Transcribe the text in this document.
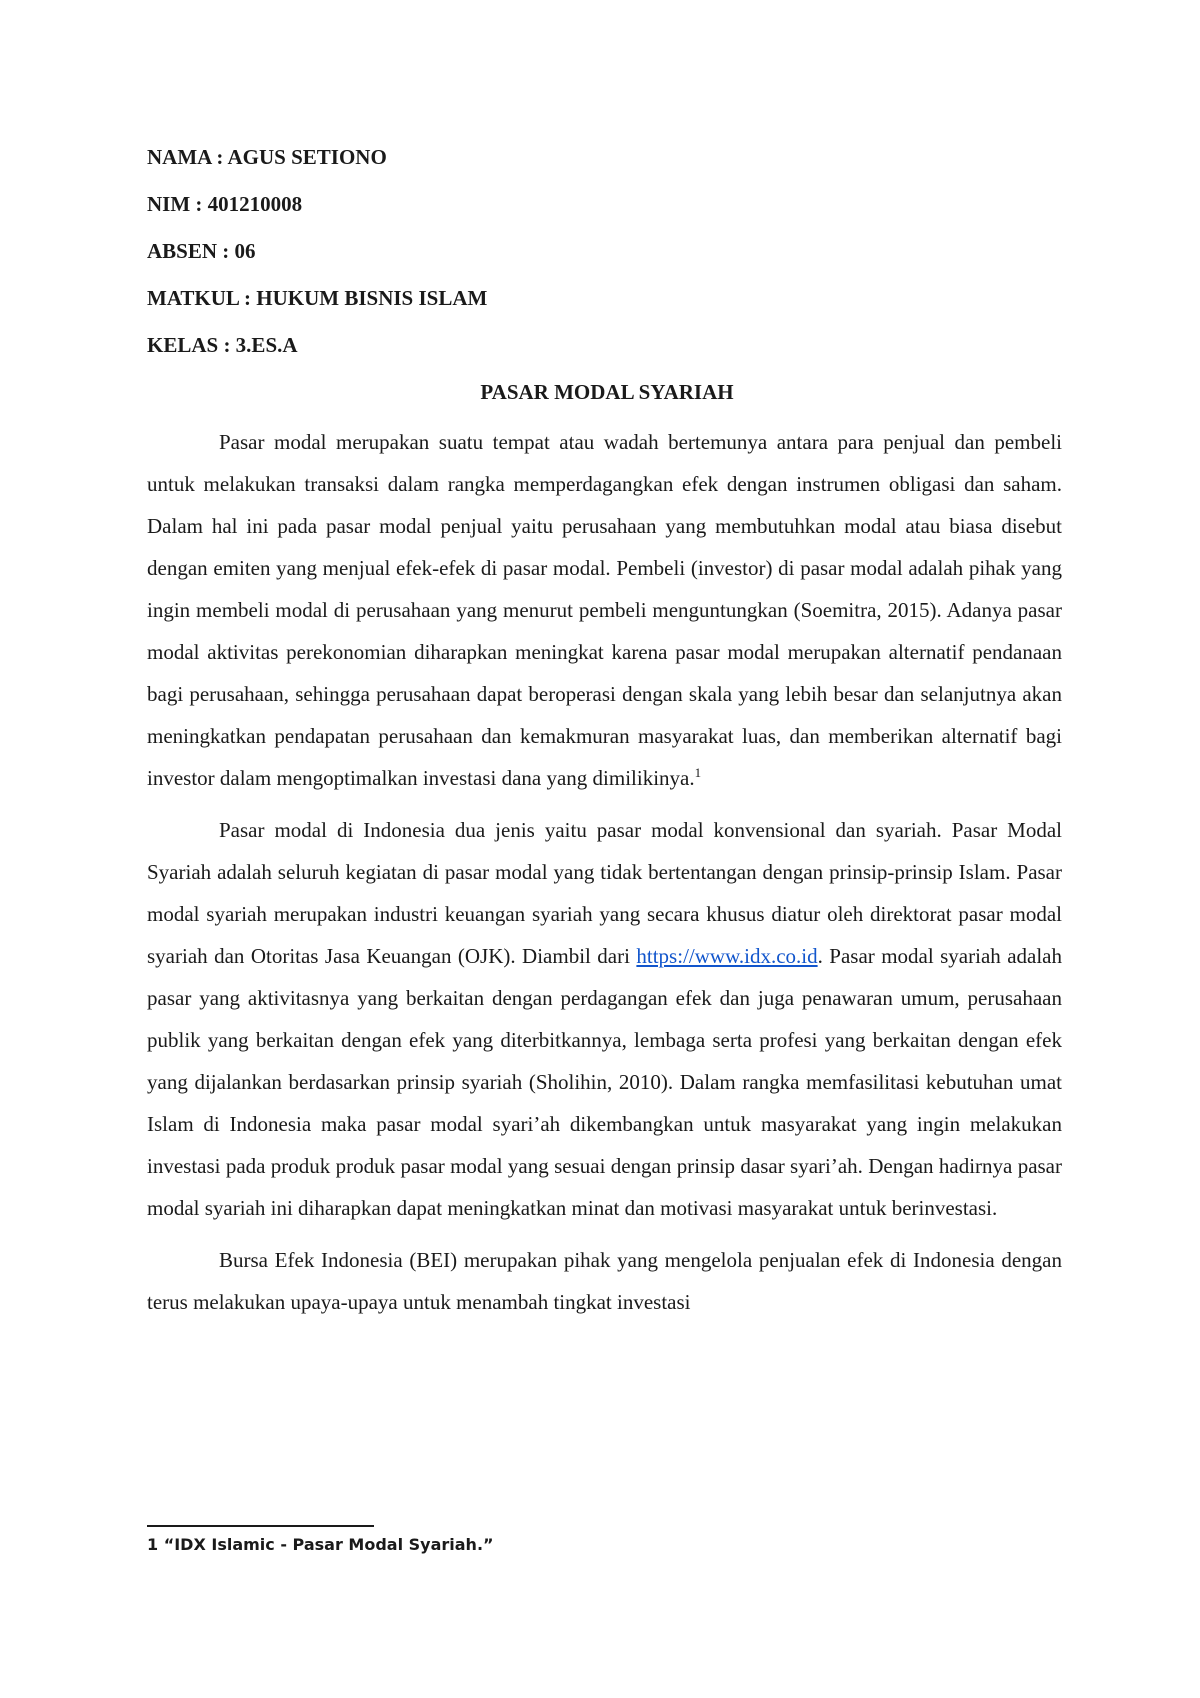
NAMA : AGUS SETIONO
NIM : 401210008
ABSEN : 06
MATKUL : HUKUM BISNIS ISLAM
KELAS : 3.ES.A
PASAR MODAL SYARIAH

Pasar modal merupakan suatu tempat atau wadah bertemunya antara para penjual dan pembeli untuk melakukan transaksi dalam rangka memperdagangkan efek dengan instrumen obligasi dan saham. Dalam hal ini pada pasar modal penjual yaitu perusahaan yang membutuhkan modal atau biasa disebut dengan emiten yang menjual efek-efek di pasar modal. Pembeli (investor) di pasar modal adalah pihak yang ingin membeli modal di perusahaan yang menurut pembeli menguntungkan (Soemitra, 2015). Adanya pasar modal aktivitas perekonomian diharapkan meningkat karena pasar modal merupakan alternatif pendanaan bagi perusahaan, sehingga perusahaan dapat beroperasi dengan skala yang lebih besar dan selanjutnya akan meningkatkan pendapatan perusahaan dan kemakmuran masyarakat luas, dan memberikan alternatif bagi investor dalam mengoptimalkan investasi dana yang dimilikinya.$^1$

Pasar modal di Indonesia dua jenis yaitu pasar modal konvensional dan syariah. Pasar Modal Syariah adalah seluruh kegiatan di pasar modal yang tidak bertentangan dengan prinsip-prinsip Islam. Pasar modal syariah merupakan industri keuangan syariah yang secara khusus diatur oleh direktorat pasar modal syariah dan Otoritas Jasa Keuangan (OJK). Diambil dari https://www.idx.co.id. Pasar modal syariah adalah pasar yang aktivitasnya yang berkaitan dengan perdagangan efek dan juga penawaran umum, perusahaan publik yang berkaitan dengan efek yang diterbitkannya, lembaga serta profesi yang berkaitan dengan efek yang dijalankan berdasarkan prinsip syariah (Sholihin, 2010). Dalam rangka memfasilitasi kebutuhan umat Islam di Indonesia maka pasar modal syari’ah dikembangkan untuk masyarakat yang ingin melakukan investasi pada produk produk pasar modal yang sesuai dengan prinsip dasar syari’ah. Dengan hadirnya pasar modal syariah ini diharapkan dapat meningkatkan minat dan motivasi masyarakat untuk berinvestasi.

Bursa Efek Indonesia (BEI) merupakan pihak yang mengelola penjualan efek di Indonesia dengan terus melakukan upaya-upaya untuk menambah tingkat investasi

1 “IDX Islamic - Pasar Modal Syariah.”
